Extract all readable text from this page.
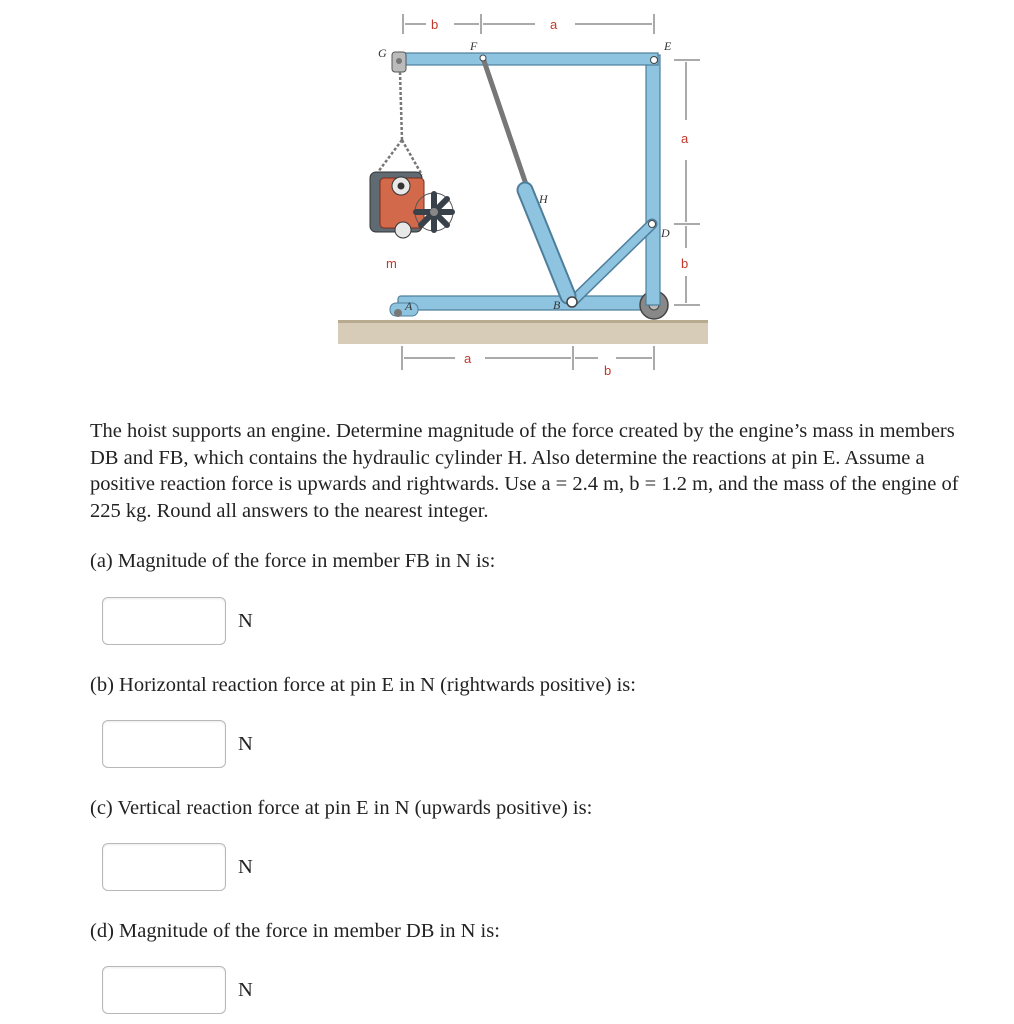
b	a
a
b
a
b
G	F	E
H
D
A	B
m

The hoist supports an engine. Determine magnitude of the force created by the engine’s mass in members DB and FB, which contains the hydraulic cylinder H. Also determine the reactions at pin E. Assume a positive reaction force is upwards and rightwards. Use a = 2.4 m, b = 1.2 m, and the mass of the engine of 225 kg. Round all answers to the nearest integer.

(a) Magnitude of the force in member FB in N is:

N

(b) Horizontal reaction force at pin E in N (rightwards positive) is:

N

(c) Vertical reaction force at pin E in N (upwards positive) is:

N

(d) Magnitude of the force in member DB in N is:

N
